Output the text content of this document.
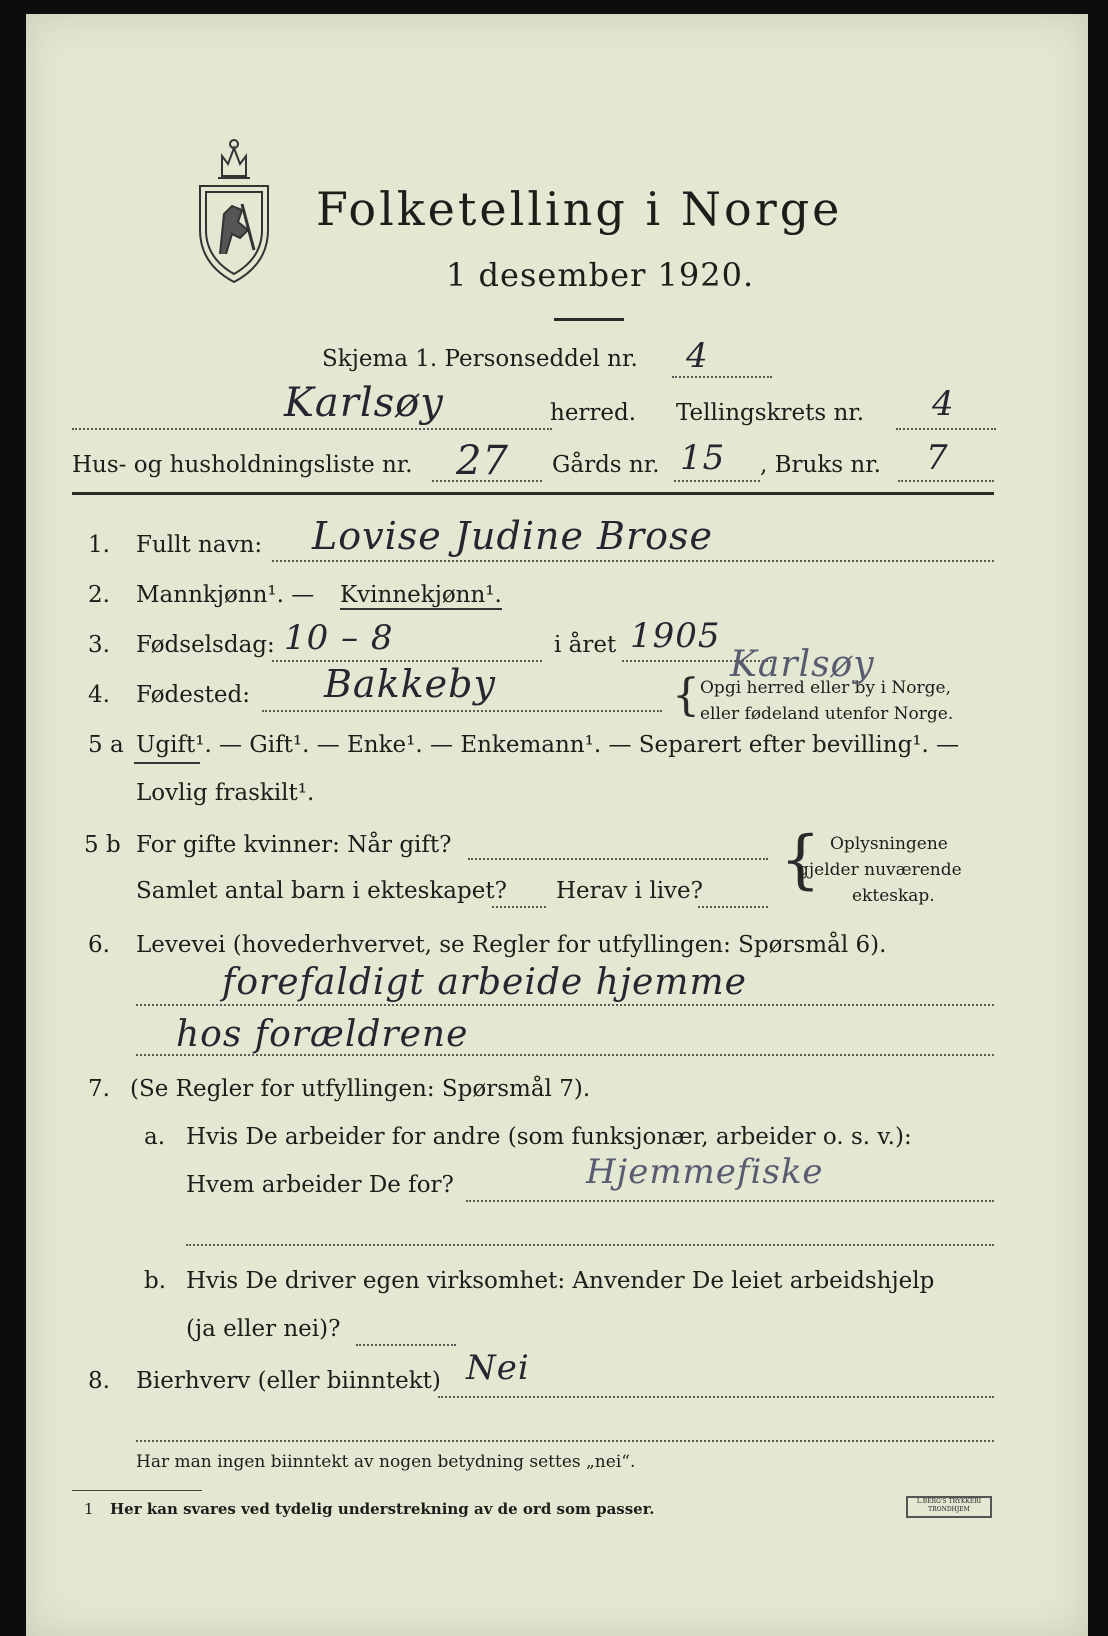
Folketelling i Norge
1 desember 1920.
Skjema 1. Personseddel nr. 4
Karlsøy	herred. Tellingskrets nr. 4
Hus- og husholdningsliste nr. 27 Gårds nr. 15 , Bruks nr. 7
1. Fullt navn: Lovise Judine Brose
2. Mannkjønn¹. — Kvinnekjønn¹.
3. Fødselsdag: 10 – 8	i året 1905
4. Fødested: Bakkeby	{ Opgi herred eller by i Norge,
eller fødeland utenfor Norge.
Karlsøy
5 a Ugift¹. — Gift¹. — Enke¹. — Enkemann¹. — Separert efter bevilling¹. —
Lovlig fraskilt¹.
5 b For gifte kvinner: Når gift?
Samlet antal barn i ekteskapet? Herav i live? { Oplysningene
gjelder nuværende
ekteskap.
6. Levevei (hovederhvervet, se Regler for utfyllingen: Spørsmål 6).
forefaldigt arbeide hjemme
hos forældrene
7. (Se Regler for utfyllingen: Spørsmål 7).
a. Hvis De arbeider for andre (som funksjonær, arbeider o. s. v.):
Hvem arbeider De for?	Hjemmefiske
b. Hvis De driver egen virksomhet: Anvender De leiet arbeidshjelp
(ja eller nei)?
8. Bierhverv (eller biinntekt) Nei
Har man ingen biinntekt av nogen betydning settes „nei“.
1 Her kan svares ved tydelig understrekning av de ord som passer.	L.BERG'S TRYKKERI
TRONDHJEM
